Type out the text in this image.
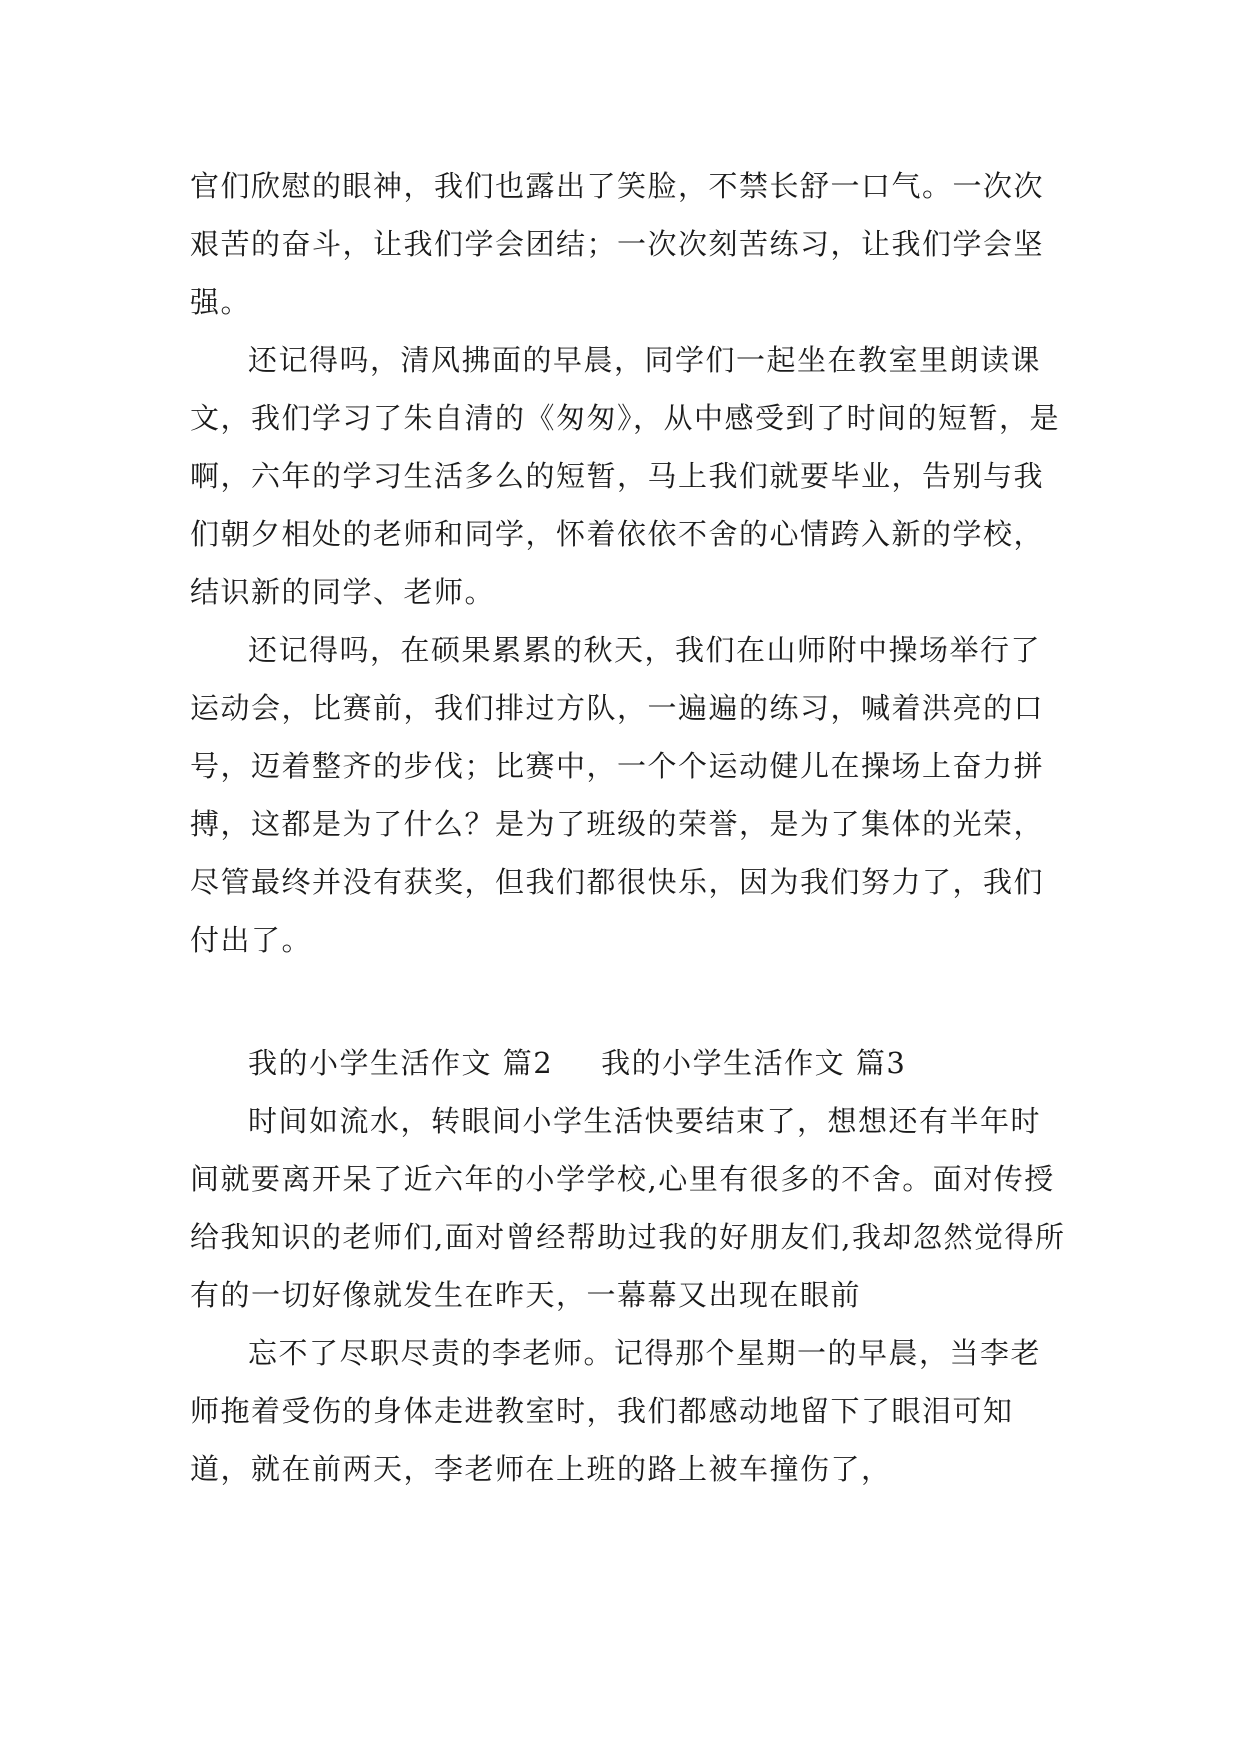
官们欣慰的眼神，我们也露出了笑脸，不禁长舒一口气。一次次艰苦的奋斗，让我们学会团结；一次次刻苦练习，让我们学会坚强。

还记得吗，清风拂面的早晨，同学们一起坐在教室里朗读课文，我们学习了朱自清的《匆匆》，从中感受到了时间的短暂，是啊，六年的学习生活多么的短暂，马上我们就要毕业，告别与我们朝夕相处的老师和同学，怀着依依不舍的心情跨入新的学校，结识新的同学、老师。

还记得吗，在硕果累累的秋天，我们在山师附中操场举行了运动会，比赛前，我们排过方队，一遍遍的练习，喊着洪亮的口号，迈着整齐的步伐；比赛中，一个个运动健儿在操场上奋力拼搏，这都是为了什么？是为了班级的荣誉，是为了集体的光荣，尽管最终并没有获奖，但我们都很快乐，因为我们努力了，我们付出了。

我的小学生活作文 篇2 我的小学生活作文 篇3

时间如流水，转眼间小学生活快要结束了，想想还有半年时间就要离开呆了近六年的小学学校,心里有很多的不舍。面对传授给我知识的老师们,面对曾经帮助过我的好朋友们,我却忽然觉得所有的一切好像就发生在昨天，一幕幕又出现在眼前

忘不了尽职尽责的李老师。记得那个星期一的早晨，当李老师拖着受伤的身体走进教室时，我们都感动地留下了眼泪可知道，就在前两天，李老师在上班的路上被车撞伤了，
